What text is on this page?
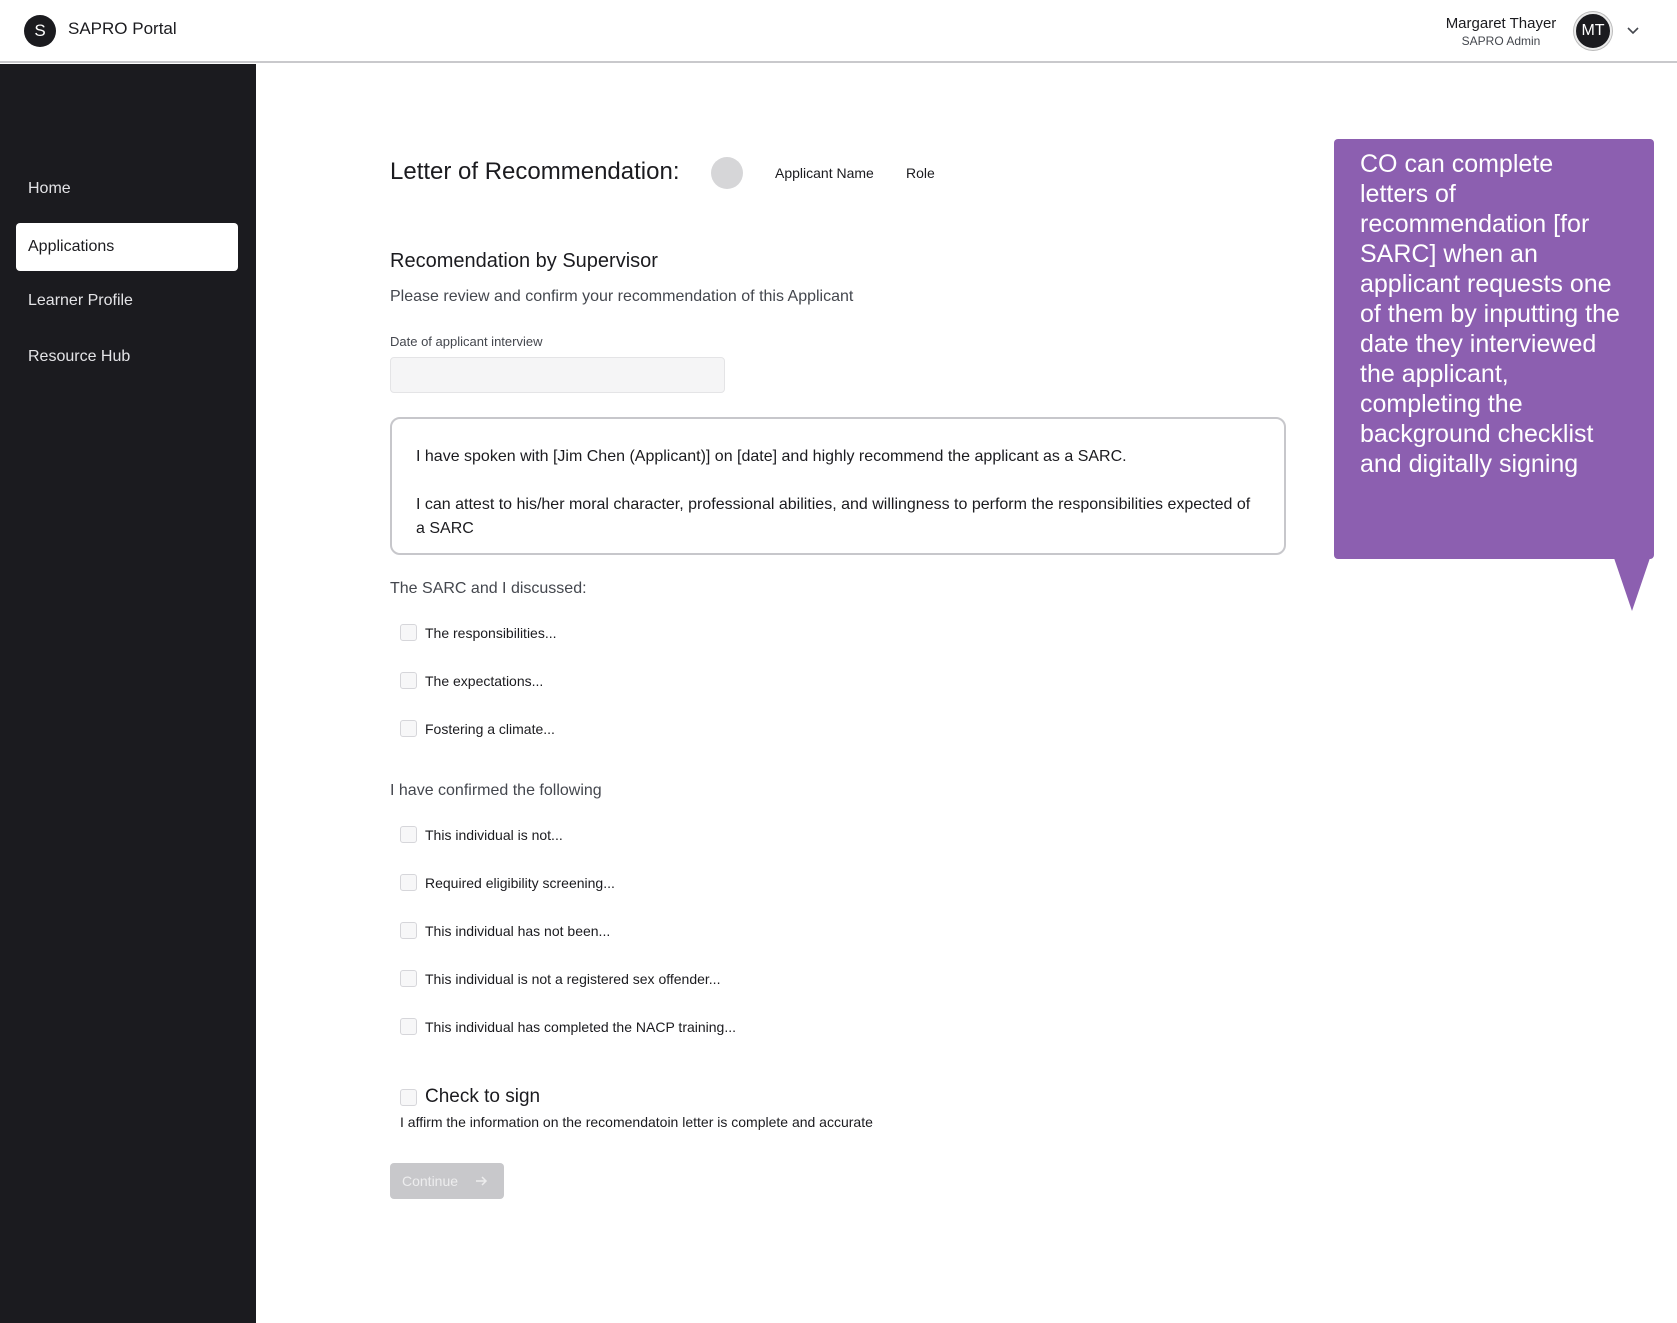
S	SAPRO Portal	Margaret Thayer
SAPRO Admin
MT
Home
Applications
Learner Profile
Resource Hub
Letter of Recommendation:	Applicant Name Role
Recomendation by Supervisor
Please review and confirm your recommendation of this Applicant
Date of applicant interview

I have spoken with [Jim Chen (Applicant)] on [date] and highly recommend the applicant as a SARC.

I can attest to his/her moral character, professional abilities, and willingness to perform the responsibilities expected of a SARC

The SARC and I discussed:
The responsibilities...
The expectations...
Fostering a climate...
I have confirmed the following
This individual is not...
Required eligibility screening...
This individual has not been...
This individual is not a registered sex offender...
This individual has completed the NACP training...
Check to sign
I affirm the information on the recomendatoin letter is complete and accurate
Continue
CO can complete letters of recommendation [for SARC] when an applicant requests one of them by inputting the date they interviewed the applicant, completing the background checklist and digitally signing
